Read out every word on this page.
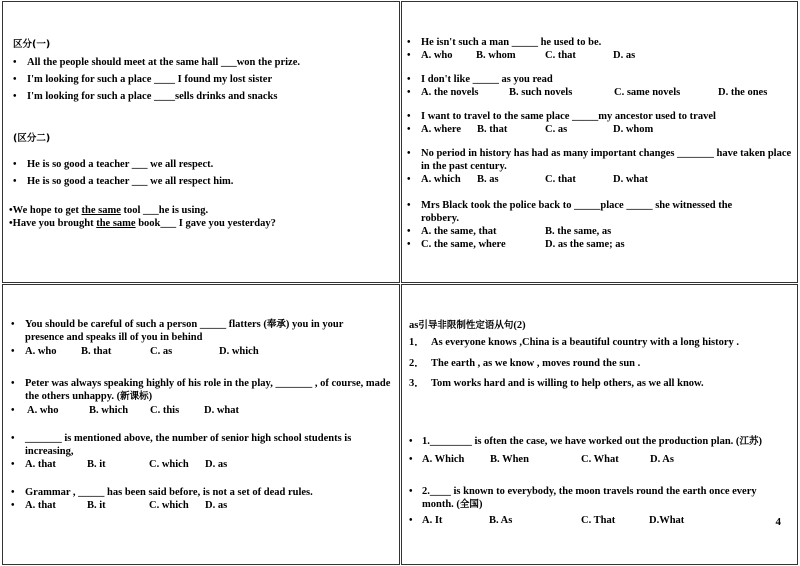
区分(一)
• All the people should meet at the same hall ___won the prize.
• I'm looking for such a place ____ I found my lost sister
• I'm looking for such a place ____sells drinks and snacks
(区分二)
• He is so good a teacher ___ we all respect.
• He is so good a teacher ___ we all respect him.
•We hope to get the same tool ___he is using.
•Have you brought the same book___ I gave you yesterday?
• He isn't such a man _____ he used to be.
• A. who B. whom	C. that	D. as
• I don't like _____ as you read
• A. the novels	B. such novels	C. same novels	D. the ones
• I want to travel to the same place _____my ancestor used to travel
• A. where B. that	C. as	D. whom
• No period in history has had as many important changes _______ have taken place in the past century.
• A. which B. as	C. that	D. what
• Mrs Black took the police back to _____place _____ she witnessed the robbery.
• A. the same, that	B. the same, as
• C. the same, where	D. as the same; as
• You should be careful of such a person _____ flatters (奉承) you in your presence and speaks ill of you in behind
• A. who B. that	C. as	D. which
• Peter was always speaking highly of his role in the play, _______ , of course, made the others unhappy. (新课标)
• A. who	B. which C. this D. what
• _______ is mentioned above, the number of senior high school students is increasing,
• A. that	B. it	C. which D. as
• Grammar , _____ has been said before, is not a set of dead rules.
• A. that	B. it	C. which D. as
as引导非限制性定语从句(2)
1． As everyone knows ,China is a beautiful country with a long history .
2． The earth , as we know , moves round the sun .
3． Tom works hard and is willing to help others, as we all know.
• 1.________ is often the case, we have worked out the production plan. (江苏)
• A. Which B. When	C. What	D. As
• 2.____ is known to everybody, the moon travels round the earth once every month. (全国)
• A. It	B. As	C. That	D.What	4
